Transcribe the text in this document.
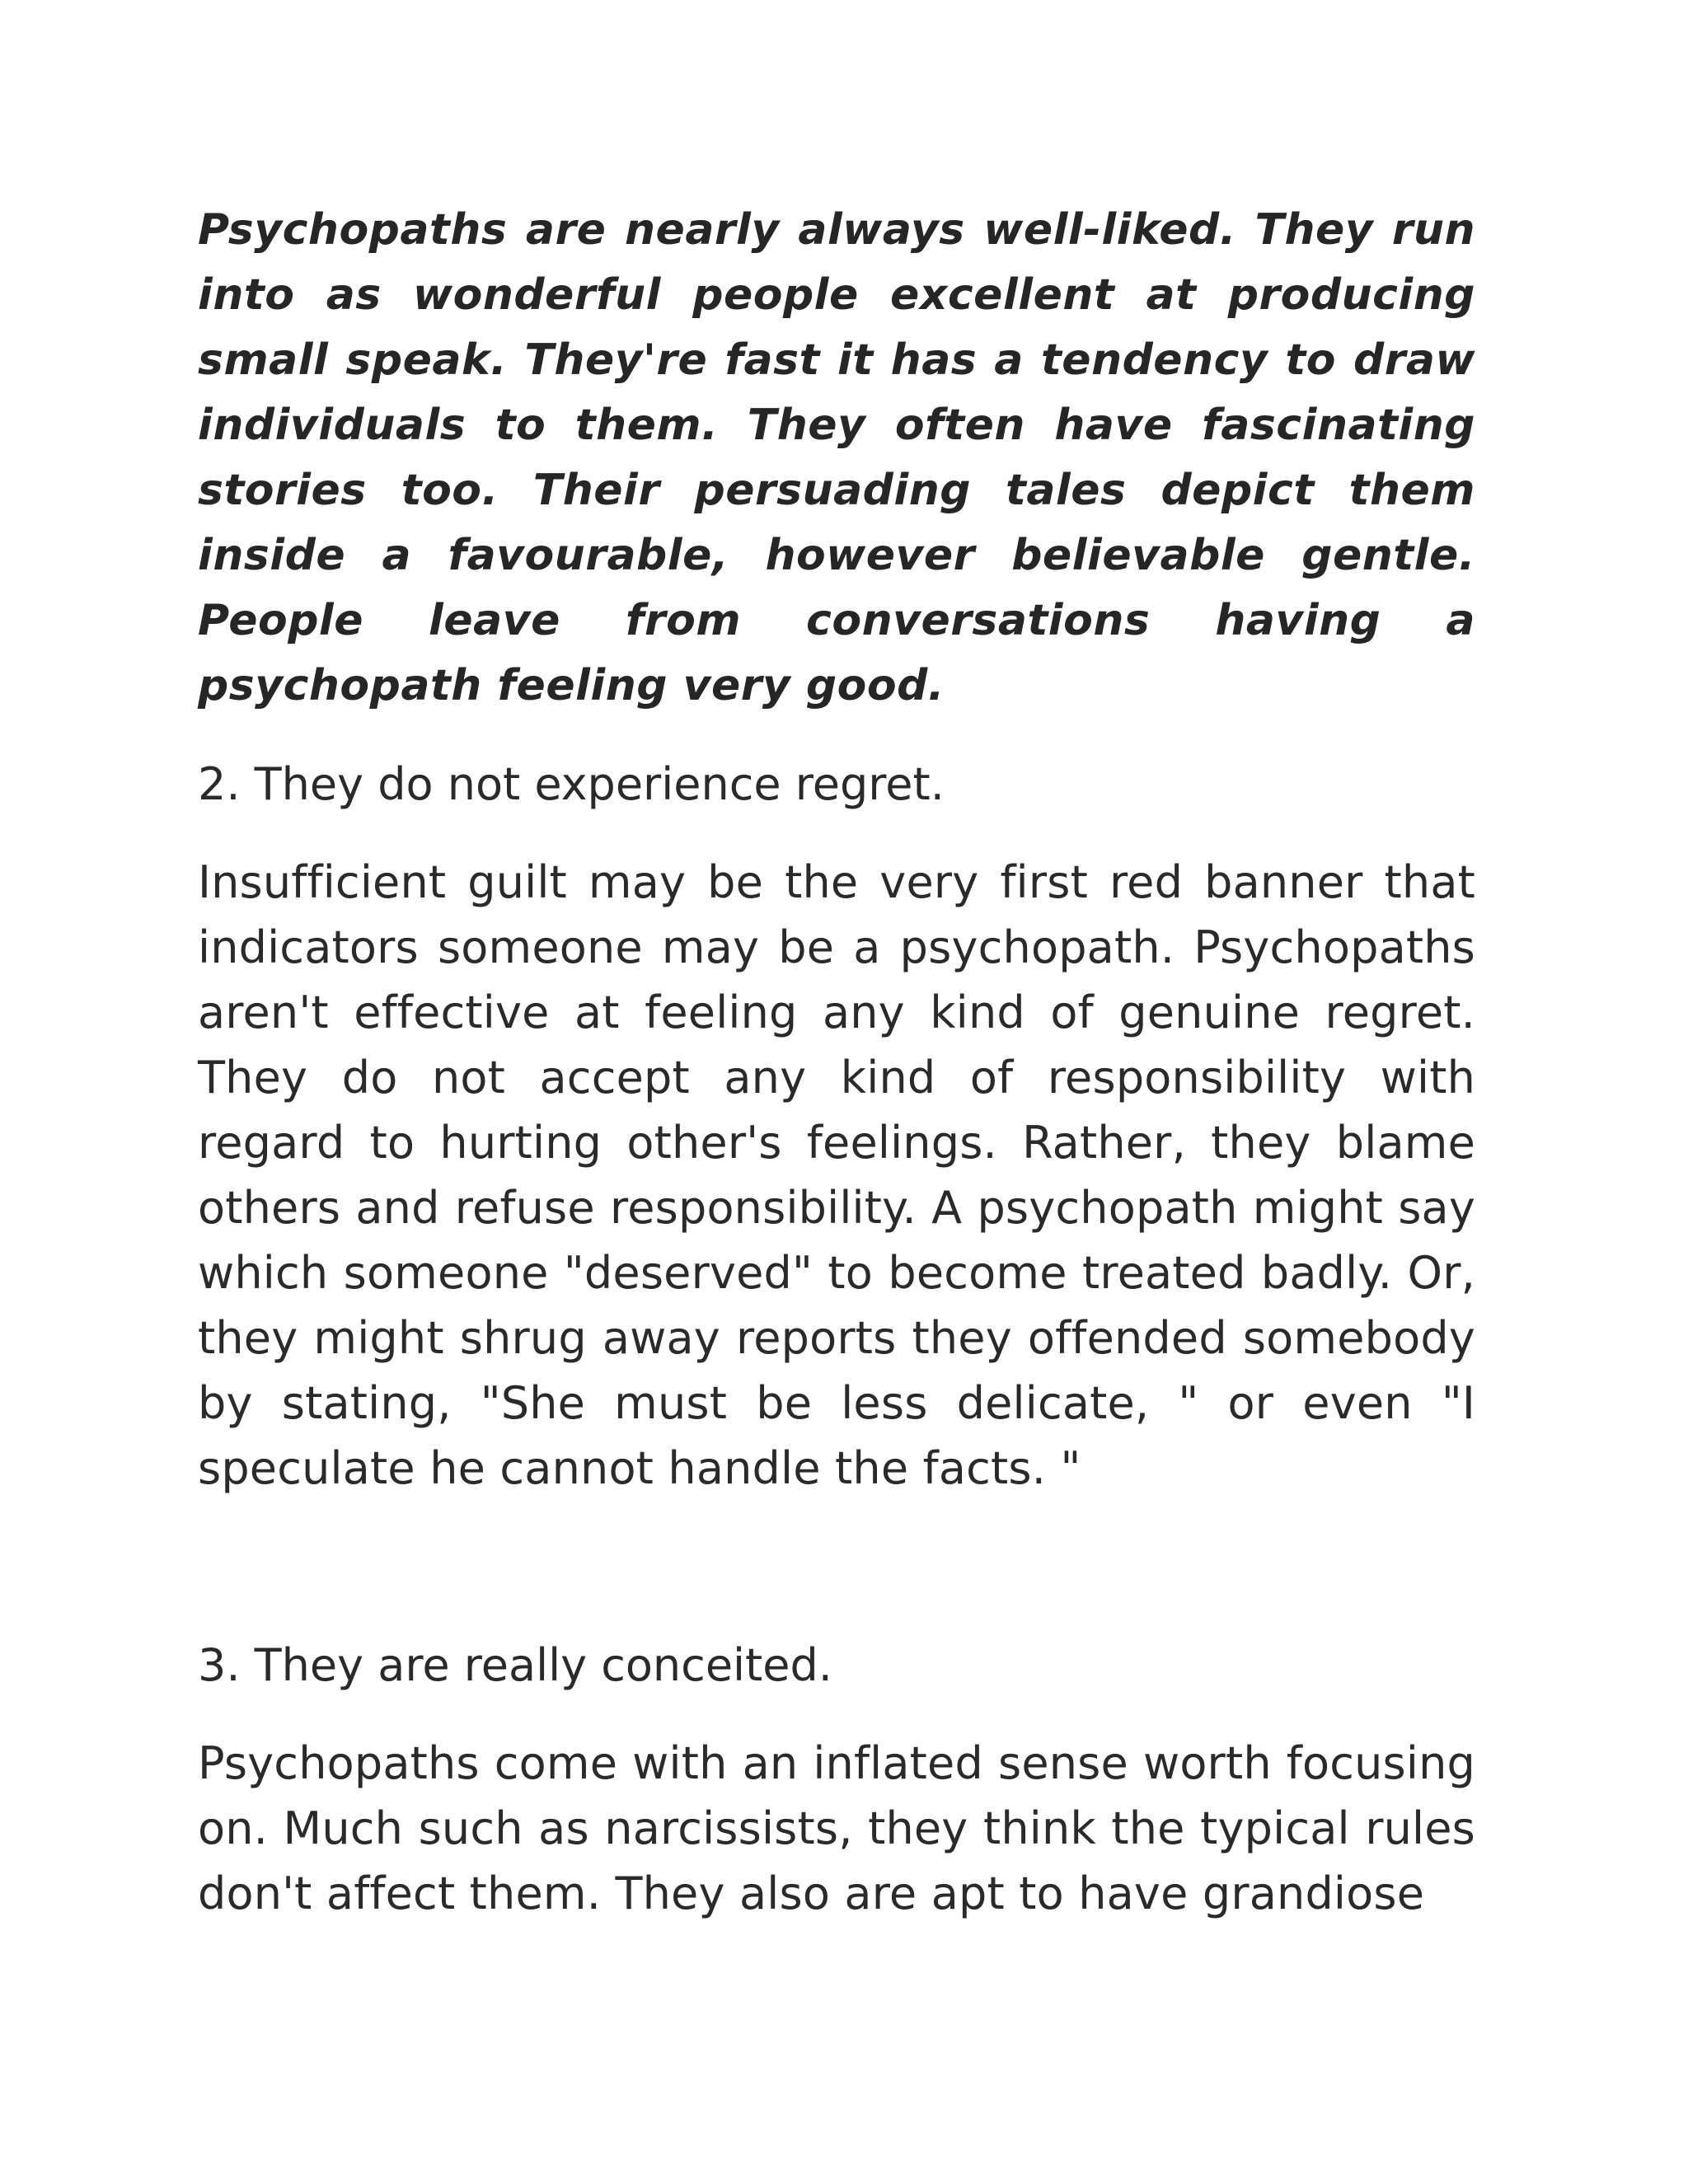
Psychopaths are nearly always well-liked. They run into as wonderful people excellent at producing small speak. They're fast it has a tendency to draw individuals to them. They often have fascinating stories too. Their persuading tales depict them inside a favourable, however believable gentle. People leave from conversations having a psychopath feeling very good.

2. They do not experience regret.

Insufficient guilt may be the very first red banner that indicators someone may be a psychopath. Psychopaths aren't effective at feeling any kind of genuine regret. They do not accept any kind of responsibility with regard to hurting other's feelings. Rather, they blame others and refuse responsibility. A psychopath might say which someone "deserved" to become treated badly. Or, they might shrug away reports they offended somebody by stating, "She must be less delicate, " or even "I speculate he cannot handle the facts. "

3. They are really conceited.

Psychopaths come with an inflated sense worth focusing on. Much such as narcissists, they think the typical rules don't affect them. They also are apt to have grandiose
